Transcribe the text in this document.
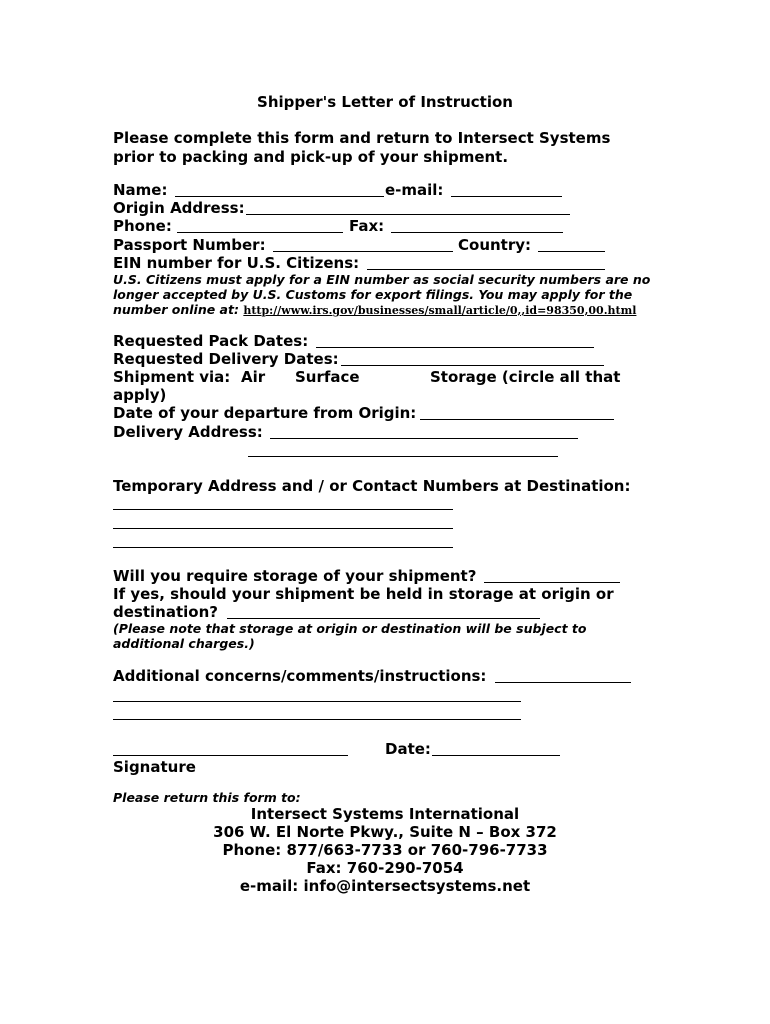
Shipper's Letter of Instruction
Please complete this form and return to Intersect Systems
prior to packing and pick-up of your shipment.
Name:	e-mail:
Origin Address:
Phone:	Fax:
Passport Number:	Country:
EIN number for U.S. Citizens:
U.S. Citizens must apply for a EIN number as social security numbers are no
longer accepted by U.S. Customs for export filings. You may apply for the
number online at: http://www.irs.gov/businesses/small/article/0,,id=98350,00.html
Requested Pack Dates:
Requested Delivery Dates:
Shipment via: Air Surface	Storage (circle all that
apply)
Date of your departure from Origin:
Delivery Address:
Temporary Address and / or Contact Numbers at Destination:
Will you require storage of your shipment?
If yes, should your shipment be held in storage at origin or
destination?
(Please note that storage at origin or destination will be subject to
additional charges.)
Additional concerns/comments/instructions:
Date:
Signature
Please return this form to:
Intersect Systems International
306 W. El Norte Pkwy., Suite N – Box 372
Phone: 877/663-7733 or 760-796-7733
Fax: 760-290-7054
e-mail: info@intersectsystems.net
